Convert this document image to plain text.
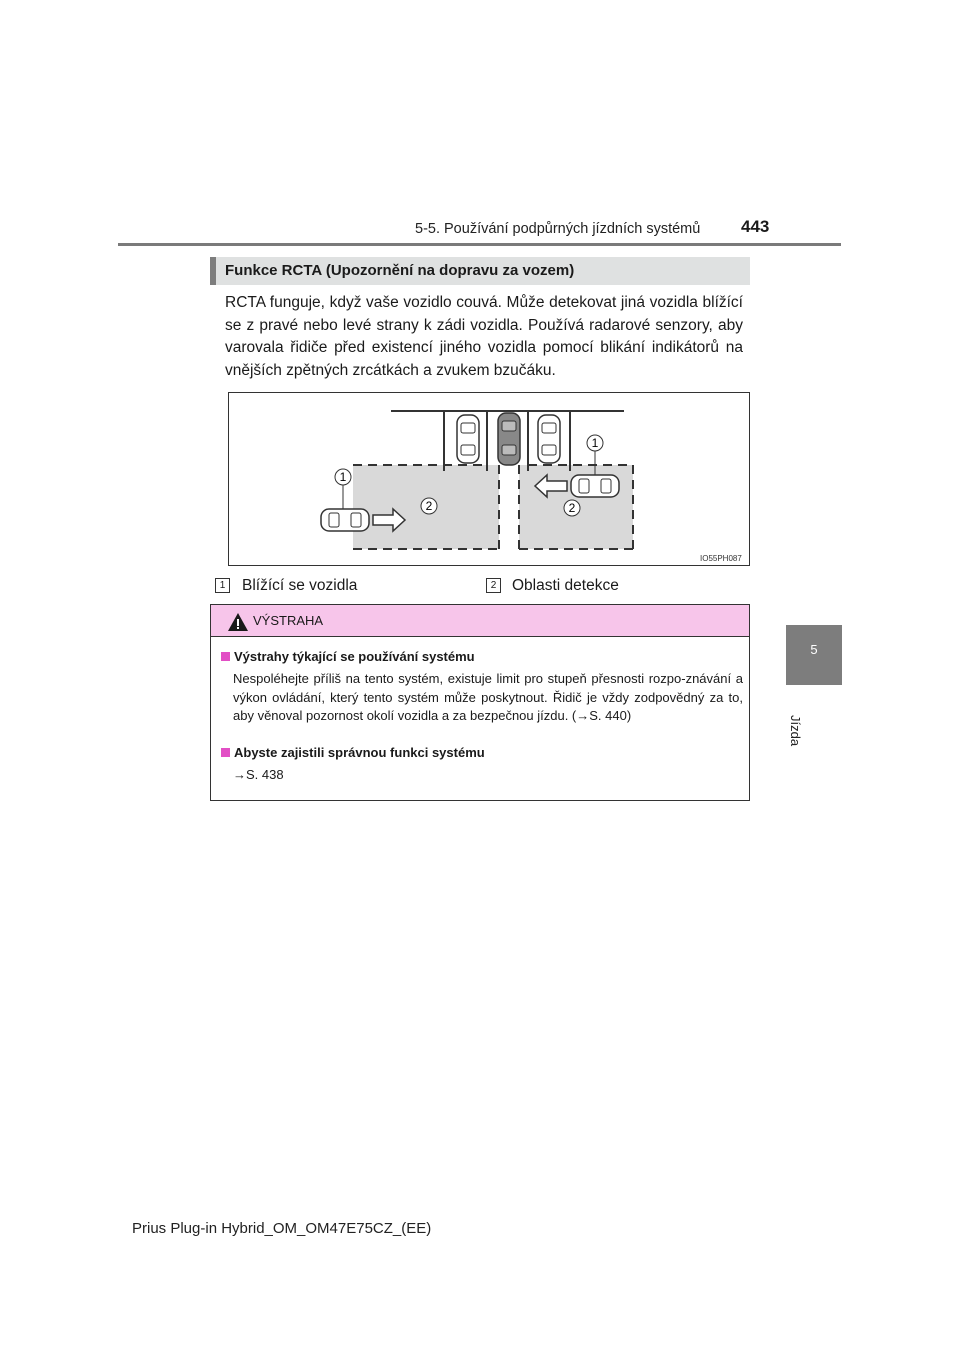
5-5. Používání podpůrných jízdních systémů 443
5
Jízda
Funkce RCTA (Upozornění na dopravu za vozem)
RCTA funguje, když vaše vozidlo couvá. Může detekovat jiná vozidla blížící se z pravé nebo levé strany k zádi vozidla. Používá radarové senzory, aby varovala řidiče před existencí jiného vozidla pomocí blikání indikátorů na vnějších zpětných zrcátkách a zvukem bzučáku.
1
1
2	2
IO55PH087
1	Blížící se vozidla	2	Oblasti detekce
VÝSTRAHA
Výstrahy týkající se používání systému
Nespoléhejte příliš na tento systém, existuje limit pro stupeň přesnosti rozpo-znávání a výkon ovládání, který tento systém může poskytnout. Řidič je vždy zodpovědný za to, aby věnoval pozornost okolí vozidla a za bezpečnou jízdu. (→S. 440)
Abyste zajistili správnou funkci systému
→S. 438
Prius Plug-in Hybrid_OM_OM47E75CZ_(EE)
